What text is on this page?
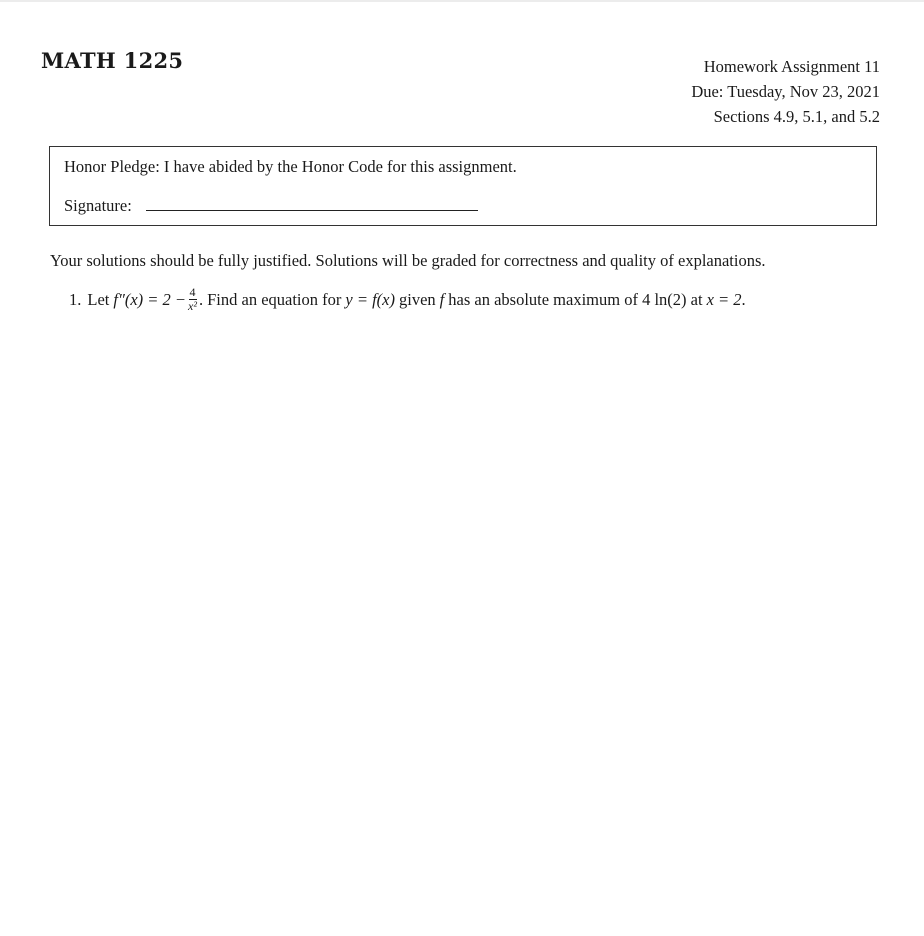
MATH 1225	Homework Assignment 11
Due: Tuesday, Nov 23, 2021
Sections 4.9, 5.1, and 5.2
Honor Pledge: I have abided by the Honor Code for this assignment.
Signature:
Your solutions should be fully justified. Solutions will be graded for correctness and quality of explanations.
1. Let $f''(x) = 2 - \frac{4}{\text{x²}}$ . Find an equation for y = f(x) given f has an absolute maximum of 4 ln(2) at x = 2 .
